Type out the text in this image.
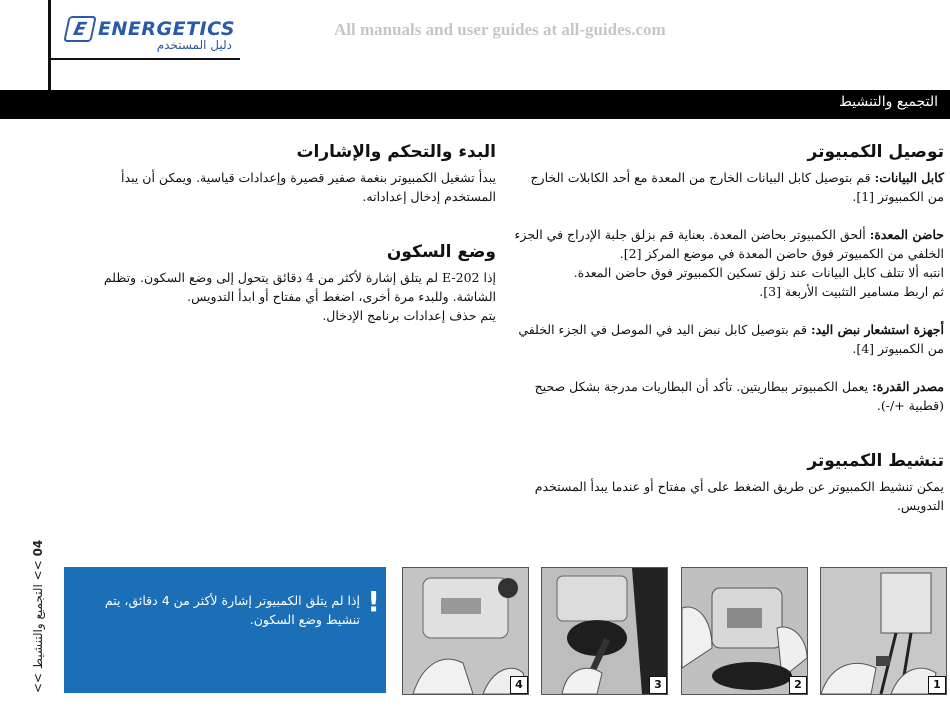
E ENERGETICS
دليل المستخدم
All manuals and user guides at all-guides.com
التجميع والتنشيط
توصيل الكمبيوتر

كابل البيانات: قم بتوصيل كابل البيانات الخارج من المعدة مع أحد الكابلات الخارج من الكمبيوتر [1].

حاضن المعدة: ألحق الكمبيوتر بحاضن المعدة. بعناية قم بزلق جلبة الإدراج في الجزء الخلفي من الكمبيوتر فوق حاضن المعدة في موضع المركز [2].

انتبه ألا تتلف كابل البيانات عند زلق تسكين الكمبيوتر فوق حاضن المعدة.

ثم اربط مسامير التثبيت الأربعة [3].

أجهزة استشعار نبض اليد: قم بتوصيل كابل نبض اليد في الموصل في الجزء الخلفي من الكمبيوتر [4].

مصدر القدرة: يعمل الكمبيوتر ببطاريتين. تأكد أن البطاريات مدرجة بشكل صحيح (قطبية +/-).

تنشيط الكمبيوتر

يمكن تنشيط الكمبيوتر عن طريق الضغط على أي مفتاح أو عندما يبدأ المستخدم التدويس.

البدء والتحكم والإشارات

يبدأ تشغيل الكمبيوتر بنغمة صفير قصيرة وإعدادات قياسية. ويمكن أن يبدأ المستخدم إدخال إعداداته.

وضع السكون

إذا E-202 لم يتلق إشارة لأكثر من 4 دقائق يتحول إلى وضع السكون. وتظلم الشاشة. وللبدء مرة أخرى، اضغط أي مفتاح أو ابدأ التدويس.

يتم حذف إعدادات برنامج الإدخال.

04 >> التجميع والتنشيط >>
!

إذا لم يتلق الكمبيوتر إشارة لأكثر من 4 دقائق، يتم تنشيط وضع السكون.

4	3	2	1
